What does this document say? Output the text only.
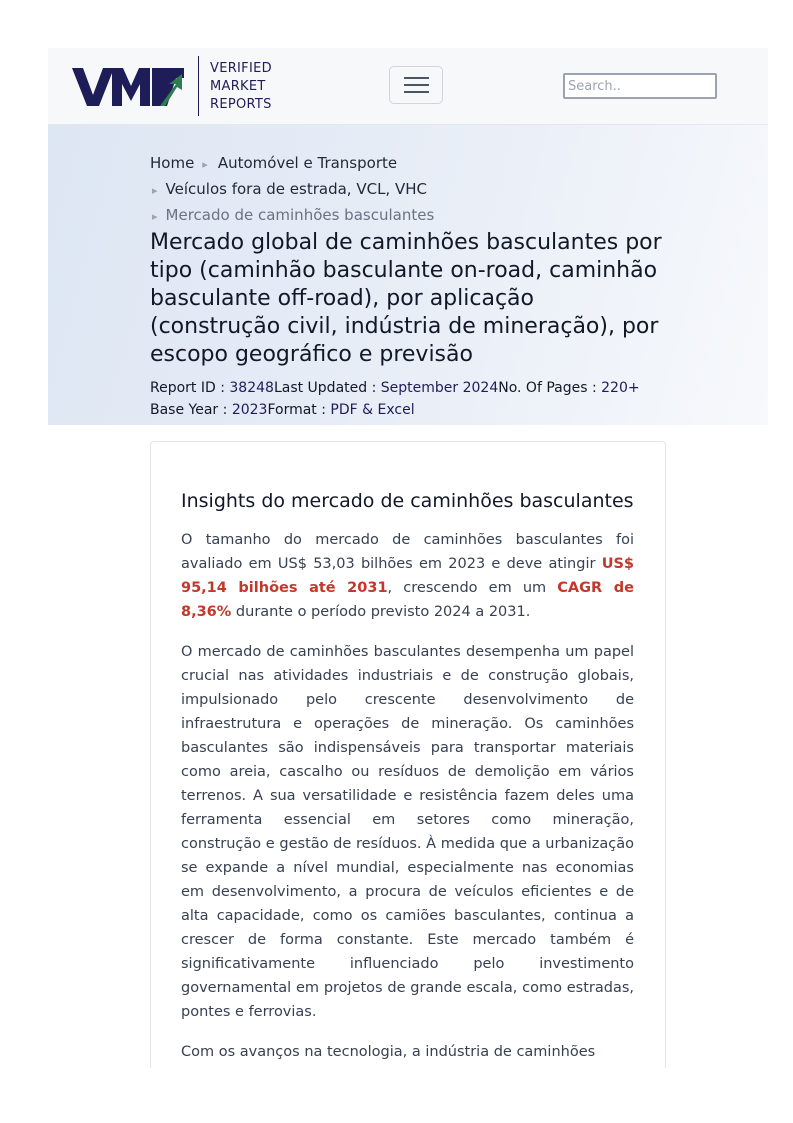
VERIFIED
MARKET
REPORTS
Search..
Home ▸ Automóvel e Transporte
▸ Veículos fora de estrada, VCL, VHC
▸ Mercado de caminhões basculantes
Mercado global de caminhões basculantes por tipo (caminhão basculante on-road, caminhão basculante off-road), por aplicação (construção civil, indústria de mineração), por escopo geográfico e previsão
Report ID : 38248Last Updated : September 2024No. Of Pages : 220+
Base Year : 2023Format : PDF & Excel
Insights do mercado de caminhões basculantes

O tamanho do mercado de caminhões basculantes foi avaliado em US$ 53,03 bilhões em 2023 e deve atingir US$ 95,14 bilhões até 2031, crescendo em um CAGR de 8,36% durante o período previsto 2024 a 2031.

O mercado de caminhões basculantes desempenha um papel crucial nas atividades industriais e de construção globais, impulsionado pelo crescente desenvolvimento de infraestrutura e operações de mineração. Os caminhões basculantes são indispensáveis para transportar materiais como areia, cascalho ou resíduos de demolição em vários terrenos. A sua versatilidade e resistência fazem deles uma ferramenta essencial em setores como mineração, construção e gestão de resíduos. À medida que a urbanização se expande a nível mundial, especialmente nas economias em desenvolvimento, a procura de veículos eficientes e de alta capacidade, como os camiões basculantes, continua a crescer de forma constante. Este mercado também é significativamente influenciado pelo investimento governamental em projetos de grande escala, como estradas, pontes e ferrovias.

Com os avanços na tecnologia, a indústria de caminhões
